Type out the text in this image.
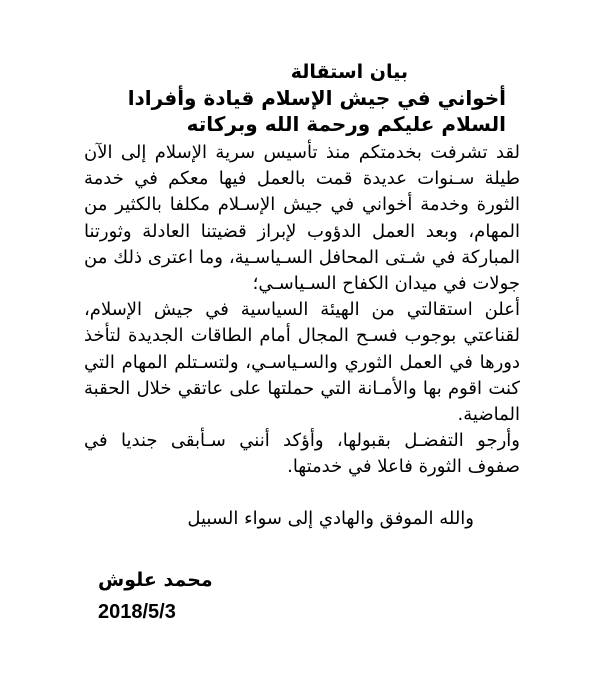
بيان استقالة

أخواني في جيش الإسلام قيادة وأفرادا

السلام عليكم ورحمة الله وبركاته

لقد تشرفت بخدمتكم منذ تأسيس سرية الإسلام إلى الآن طيلة سـنوات عديدة قمت بالعمل فيها معكم في خدمة الثورة وخدمة أخواني في جيش الإسـلام مكلفا بالكثير من المهام، وبعد العمل الدؤوب لإبراز قضيتنا العادلة وثورتنا المباركة في شـتى المحافل السـياسـية، وما اعترى ذلك من جولات في ميدان الكفاح السـياسـي؛

أعلن استقالتي من الهيئة السياسية في جيش الإسلام، لقناعتي بوجوب فسـح المجال أمام الطاقات الجديدة لتأخذ دورها في العمل الثوري والسـياسـي، ولتسـتلم المهام التي كنت اقوم بها والأمـانة التي حملتها على عاتقي خلال الحقبة الماضية.

وأرجو التفضـل بقبولها، وأؤكد أنني سـأبقى جنديا في صفوف الثورة فاعلا في خدمتها.

والله الموفق والهادي إلى سواء السبيل

محمد علوش

2018/5/3
